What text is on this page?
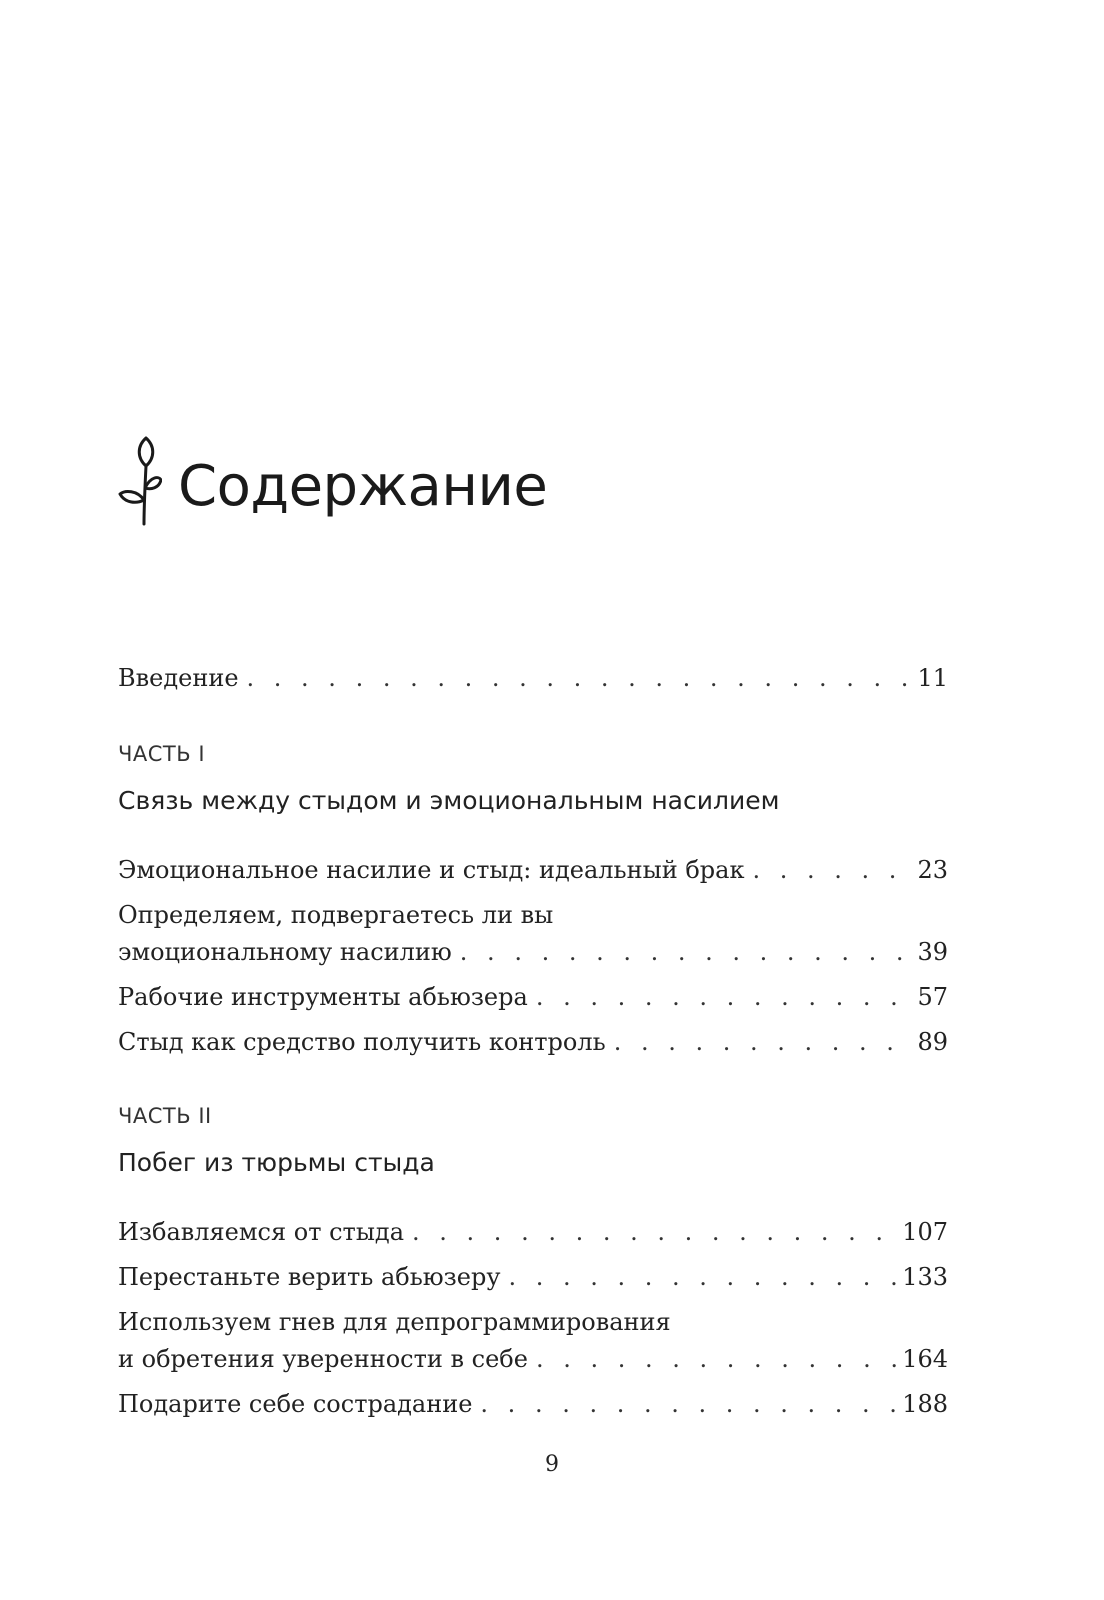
Содержание
Введение . . .	11
ЧАСТЬ I
Связь между стыдом и эмоциональным насилием
Эмоциональное насилие и стыд: идеальный брак . . .	23
Определяем, подвергаетесь ли вы
эмоциональному насилию . . .	39
Рабочие инструменты абьюзера . . .	57
Стыд как средство получить контроль . . .	89
ЧАСТЬ II
Побег из тюрьмы стыда
Избавляемся от стыда . . .	107
Перестаньте верить абьюзеру . . .	133
Используем гнев для депрограммирования
и обретения уверенности в себе . . .	164
Подарите себе сострадание . . .	188
9
